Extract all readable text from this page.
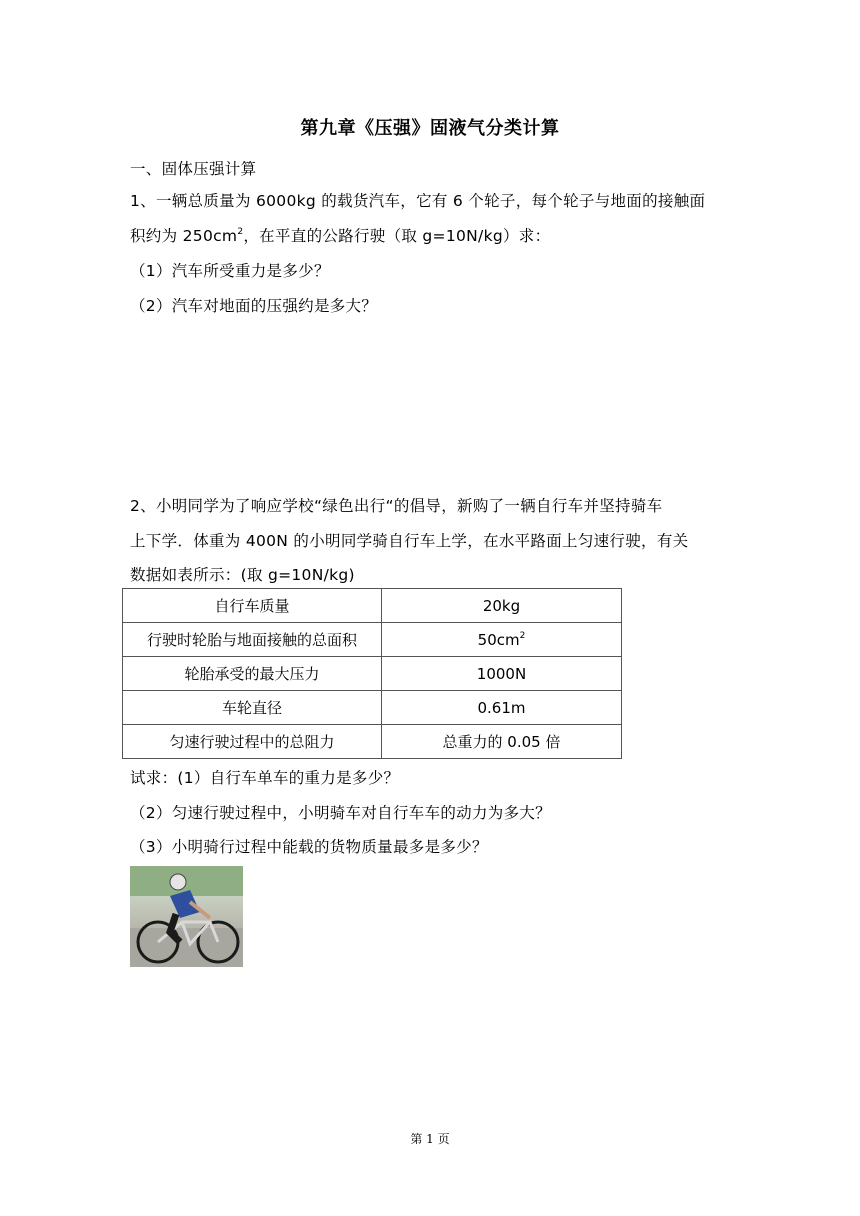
第九章《压强》固液气分类计算
一、固体压强计算
1、一辆总质量为 6000kg 的载货汽车，它有 6 个轮子，每个轮子与地面的接触面
积约为 $250cm^2$，在平直的公路行驶（取 g=10N/kg）求：
（1）汽车所受重力是多少？
（2）汽车对地面的压强约是多大？
2、小明同学为了响应学校“绿色出行“的倡导，新购了一辆自行车并坚持骑车
上下学．体重为 400N 的小明同学骑自行车上学，在水平路面上匀速行驶，有关
数据如表所示：(取 g=10N/kg)
自行车质量	20kg
行驶时轮胎与地面接触的总面积	$50cm^2$
轮胎承受的最大压力	1000N
车轮直径	0.61m
匀速行驶过程中的总阻力	总重力的 0.05 倍
试求：(1）自行车单车的重力是多少？
（2）匀速行驶过程中，小明骑车对自行车车的动力为多大？
（3）小明骑行过程中能载的货物质量最多是多少？
第 1 页
